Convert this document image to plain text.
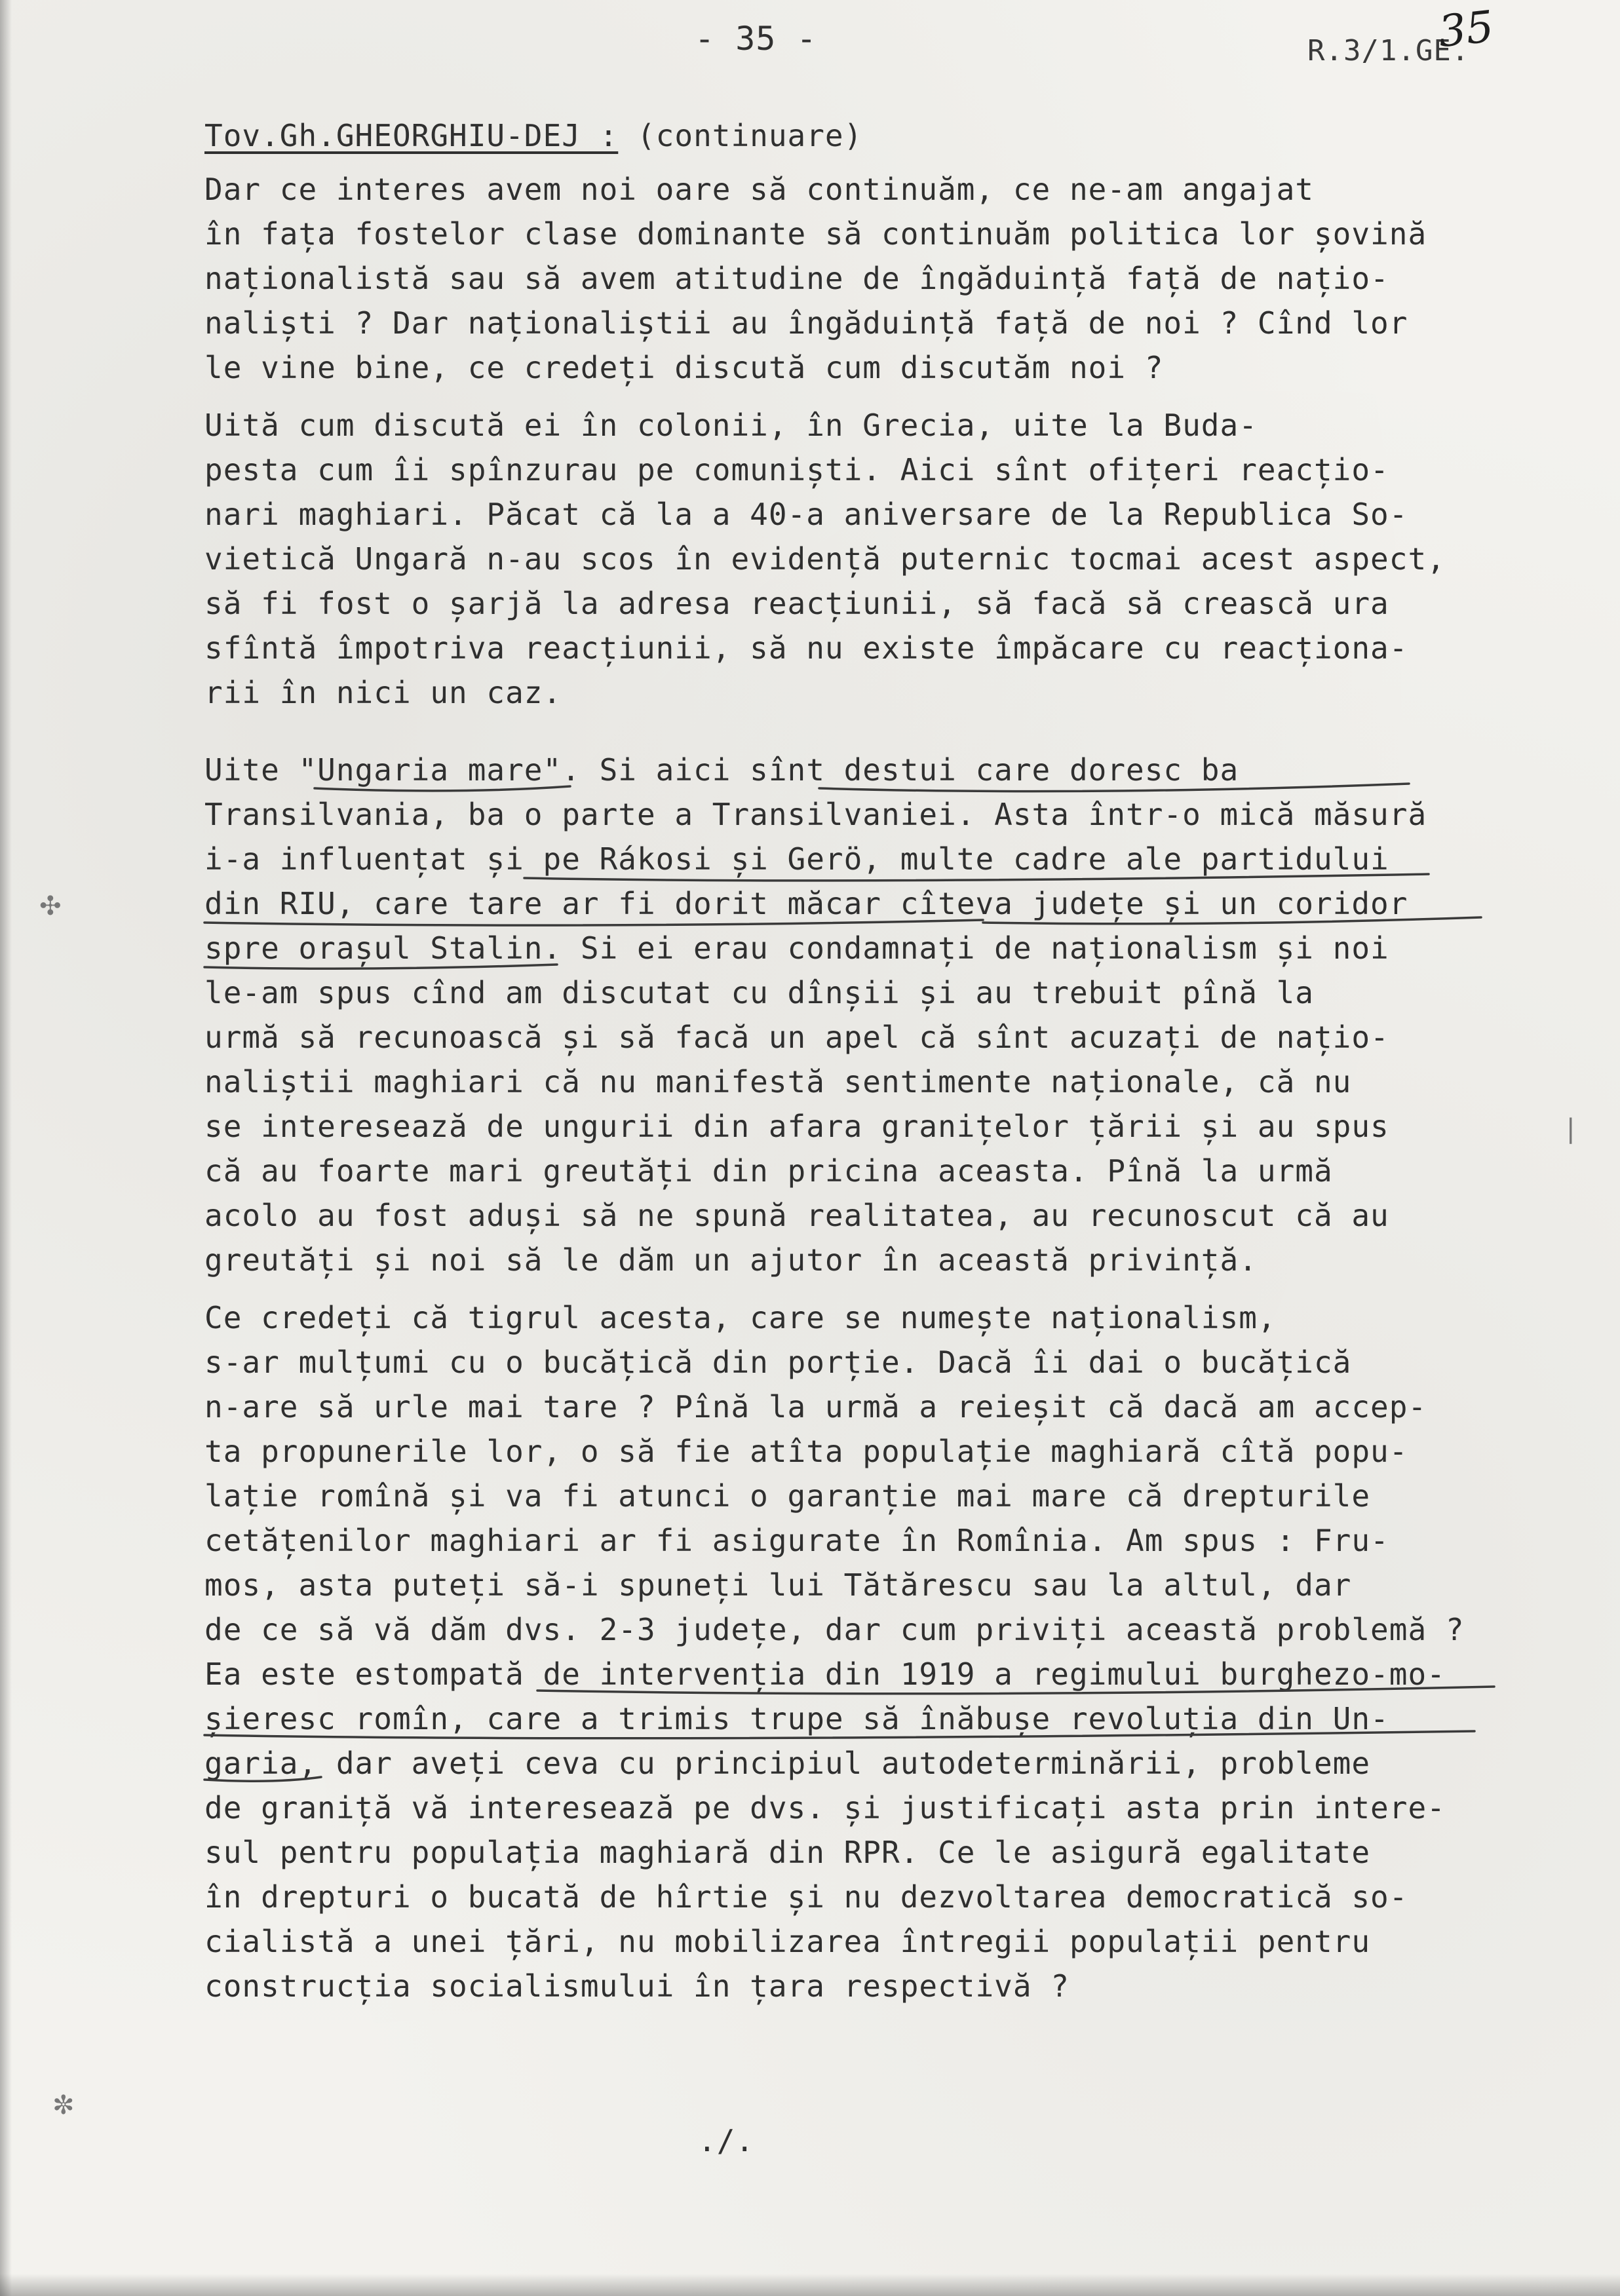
- 35 -	R.3/1.GE.
35
Tov.Gh.GHEORGHIU-DEJ : (continuare)
Dar ce interes avem noi oare să continuăm, ce ne-am angajat
în fața fostelor clase dominante să continuăm politica lor șovină
naționalistă sau să avem atitudine de îngăduință față de națio-
naliști ? Dar naționaliștii au îngăduință față de noi ? Cînd lor
le vine bine, ce credeți discută cum discutăm noi ?
Uită cum discută ei în colonii, în Grecia, uite la Buda-
pesta cum îi spînzurau pe comuniști. Aici sînt ofițeri reacțio-
nari maghiari. Păcat că la a 40-a aniversare de la Republica So-
vietică Ungară n-au scos în evidență puternic tocmai acest aspect,
să fi fost o șarjă la adresa reacțiunii, să facă să crească ura
sfîntă împotriva reacțiunii, să nu existe împăcare cu reacționa-
rii în nici un caz.
Uite "Ungaria mare". Si aici sînt destui care doresc ba
Transilvania, ba o parte a Transilvaniei. Asta într-o mică măsură
i-a influențat și pe Rákosi și Gerö, multe cadre ale partidului
din RIU, care tare ar fi dorit măcar cîteva județe și un coridor
spre orașul Stalin. Si ei erau condamnați de naționalism și noi
le-am spus cînd am discutat cu dînșii și au trebuit pînă la
urmă să recunoască și să facă un apel că sînt acuzați de națio-
naliștii maghiari că nu manifestă sentimente naționale, că nu
se interesează de ungurii din afara granițelor țării și au spus
că au foarte mari greutăți din pricina aceasta. Pînă la urmă
acolo au fost aduși să ne spună realitatea, au recunoscut că au
greutăți și noi să le dăm un ajutor în această privință.
Ce credeți că tigrul acesta, care se numește naționalism,
s-ar mulțumi cu o bucățică din porție. Dacă îi dai o bucățică
n-are să urle mai tare ? Pînă la urmă a reieșit că dacă am accep-
ta propunerile lor, o să fie atîta populație maghiară cîtă popu-
lație romînă și va fi atunci o garanție mai mare că drepturile
cetățenilor maghiari ar fi asigurate în Romînia. Am spus : Fru-
mos, asta puteți să-i spuneți lui Tătărescu sau la altul, dar
de ce să vă dăm dvs. 2-3 județe, dar cum priviți această problemă ?
Ea este estompată de intervenția din 1919 a regimului burghezo-mo-
șieresc romîn, care a trimis trupe să înăbușe revoluția din Un-
garia, dar aveți ceva cu principiul autodeterminării, probleme
de graniță vă interesează pe dvs. și justificați asta prin intere-
sul pentru populația maghiară din RPR. Ce le asigură egalitate
în drepturi o bucată de hîrtie și nu dezvoltarea democratică so-
cialistă a unei țări, nu mobilizarea întregii populații pentru
construcția socialismului în țara respectivă ?
./.
✣
|
✼
